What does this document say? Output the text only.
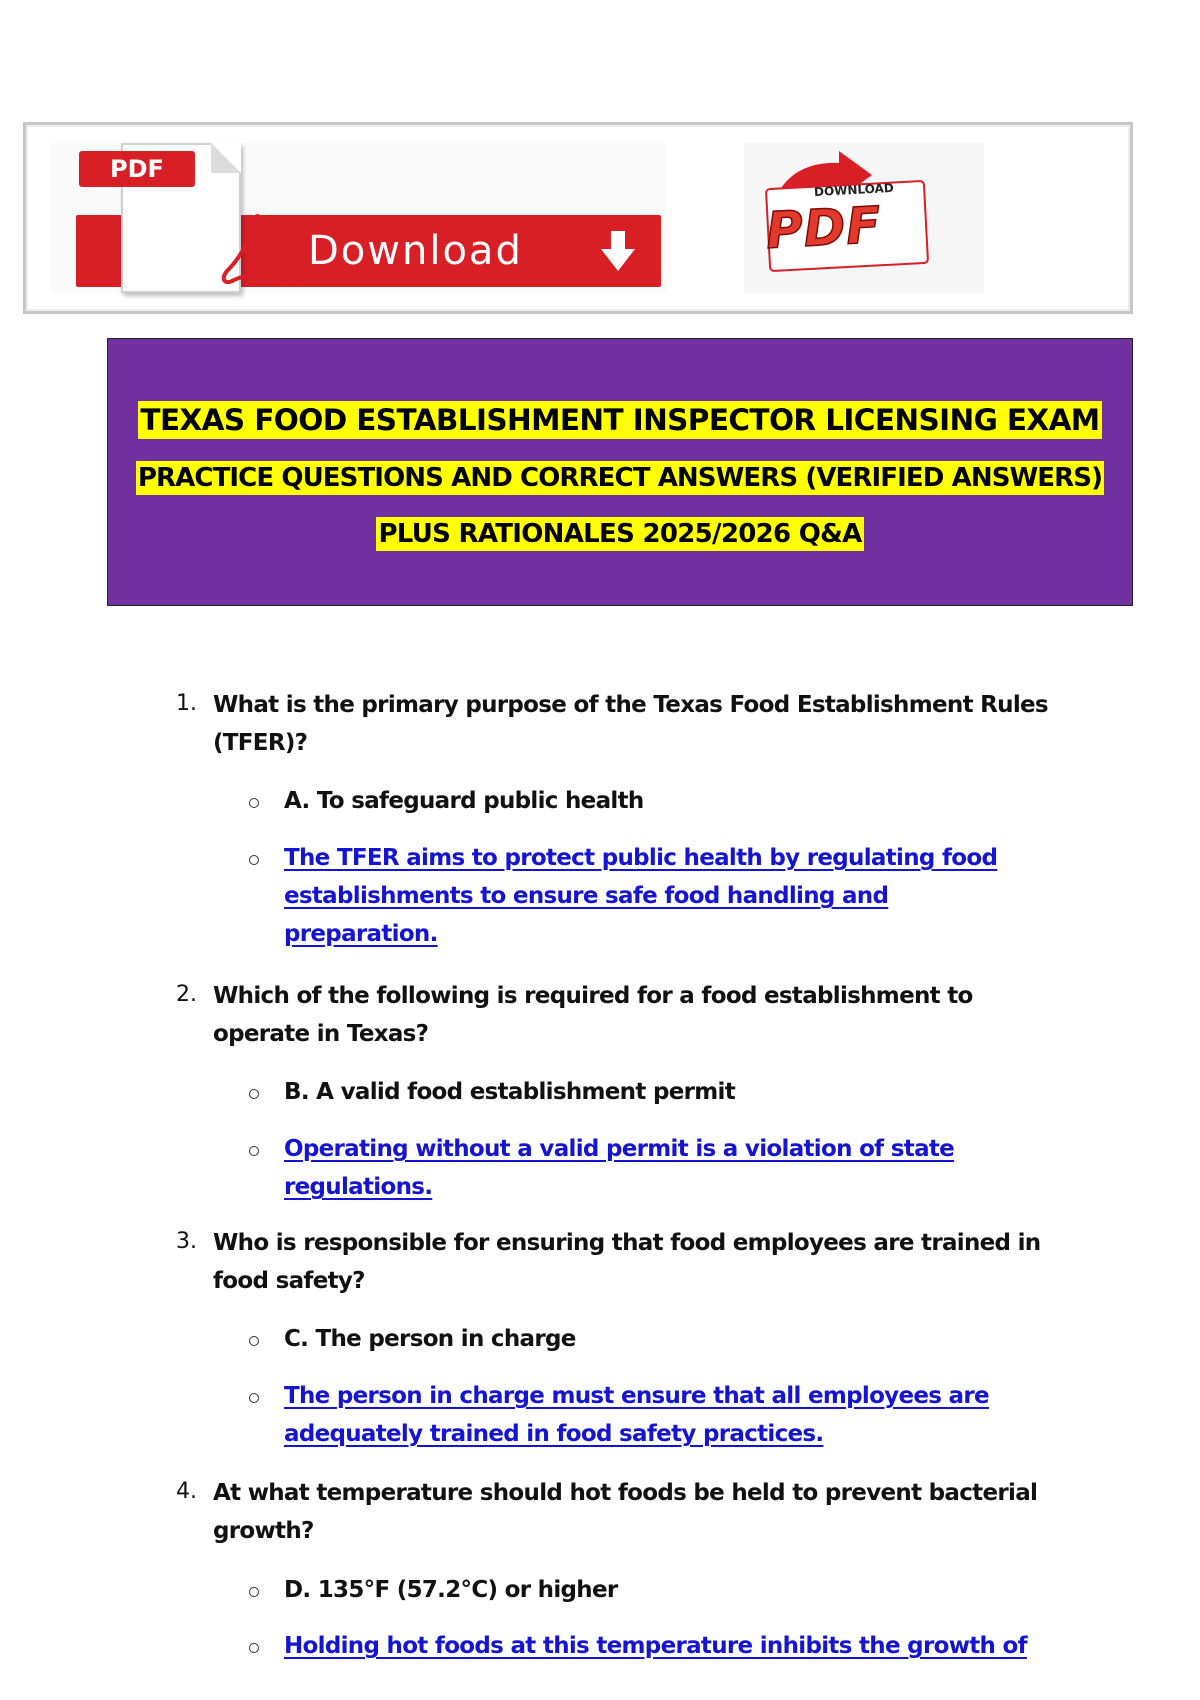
Download
PDF
DOWNLOAD
PDF
TEXAS FOOD ESTABLISHMENT INSPECTOR LICENSING EXAM
PRACTICE QUESTIONS AND CORRECT ANSWERS (VERIFIED ANSWERS)
PLUS RATIONALES 2025/2026 Q&A
1. What is the primary purpose of the Texas Food Establishment Rules (TFER)?
A. To safeguard public health
The TFER aims to protect public health by regulating food establishments to ensure safe food handling and preparation.
2. Which of the following is required for a food establishment to operate in Texas?
B. A valid food establishment permit
Operating without a valid permit is a violation of state regulations.
3. Who is responsible for ensuring that food employees are trained in food safety?
C. The person in charge
The person in charge must ensure that all employees are adequately trained in food safety practices.
4. At what temperature should hot foods be held to prevent bacterial growth?
D. 135°F (57.2°C) or higher
Holding hot foods at this temperature inhibits the growth of
